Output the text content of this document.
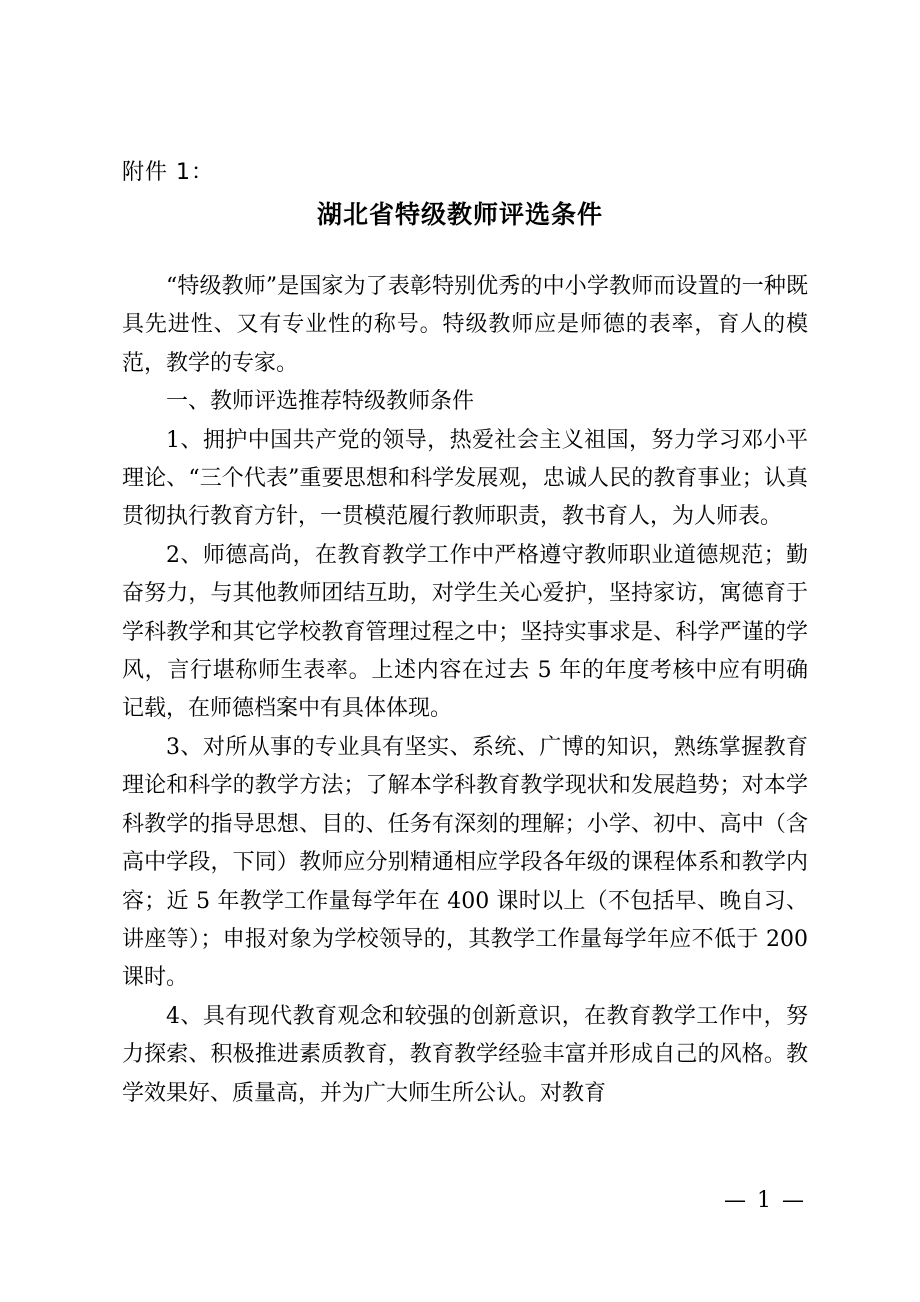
附件 1：
湖北省特级教师评选条件

“特级教师”是国家为了表彰特别优秀的中小学教师而设置的一种既具先进性、又有专业性的称号。特级教师应是师德的表率，育人的模范，教学的专家。

一、教师评选推荐特级教师条件

1、拥护中国共产党的领导，热爱社会主义祖国，努力学习邓小平理论、“三个代表”重要思想和科学发展观，忠诚人民的教育事业；认真贯彻执行教育方针，一贯模范履行教师职责，教书育人，为人师表。

2、师德高尚，在教育教学工作中严格遵守教师职业道德规范；勤奋努力，与其他教师团结互助，对学生关心爱护，坚持家访，寓德育于学科教学和其它学校教育管理过程之中；坚持实事求是、科学严谨的学风，言行堪称师生表率。上述内容在过去 5 年的年度考核中应有明确记载，在师德档案中有具体体现。

3、对所从事的专业具有坚实、系统、广博的知识，熟练掌握教育理论和科学的教学方法；了解本学科教育教学现状和发展趋势；对本学科教学的指导思想、目的、任务有深刻的理解；小学、初中、高中（含高中学段，下同）教师应分别精通相应学段各年级的课程体系和教学内容；近 5 年教学工作量每学年在 400 课时以上（不包括早、晚自习、讲座等）；申报对象为学校领导的，其教学工作量每学年应不低于 200 课时。

4、具有现代教育观念和较强的创新意识，在教育教学工作中，努力探索、积极推进素质教育，教育教学经验丰富并形成自己的风格。教学效果好、质量高，并为广大师生所公认。对教育

— 1 —
